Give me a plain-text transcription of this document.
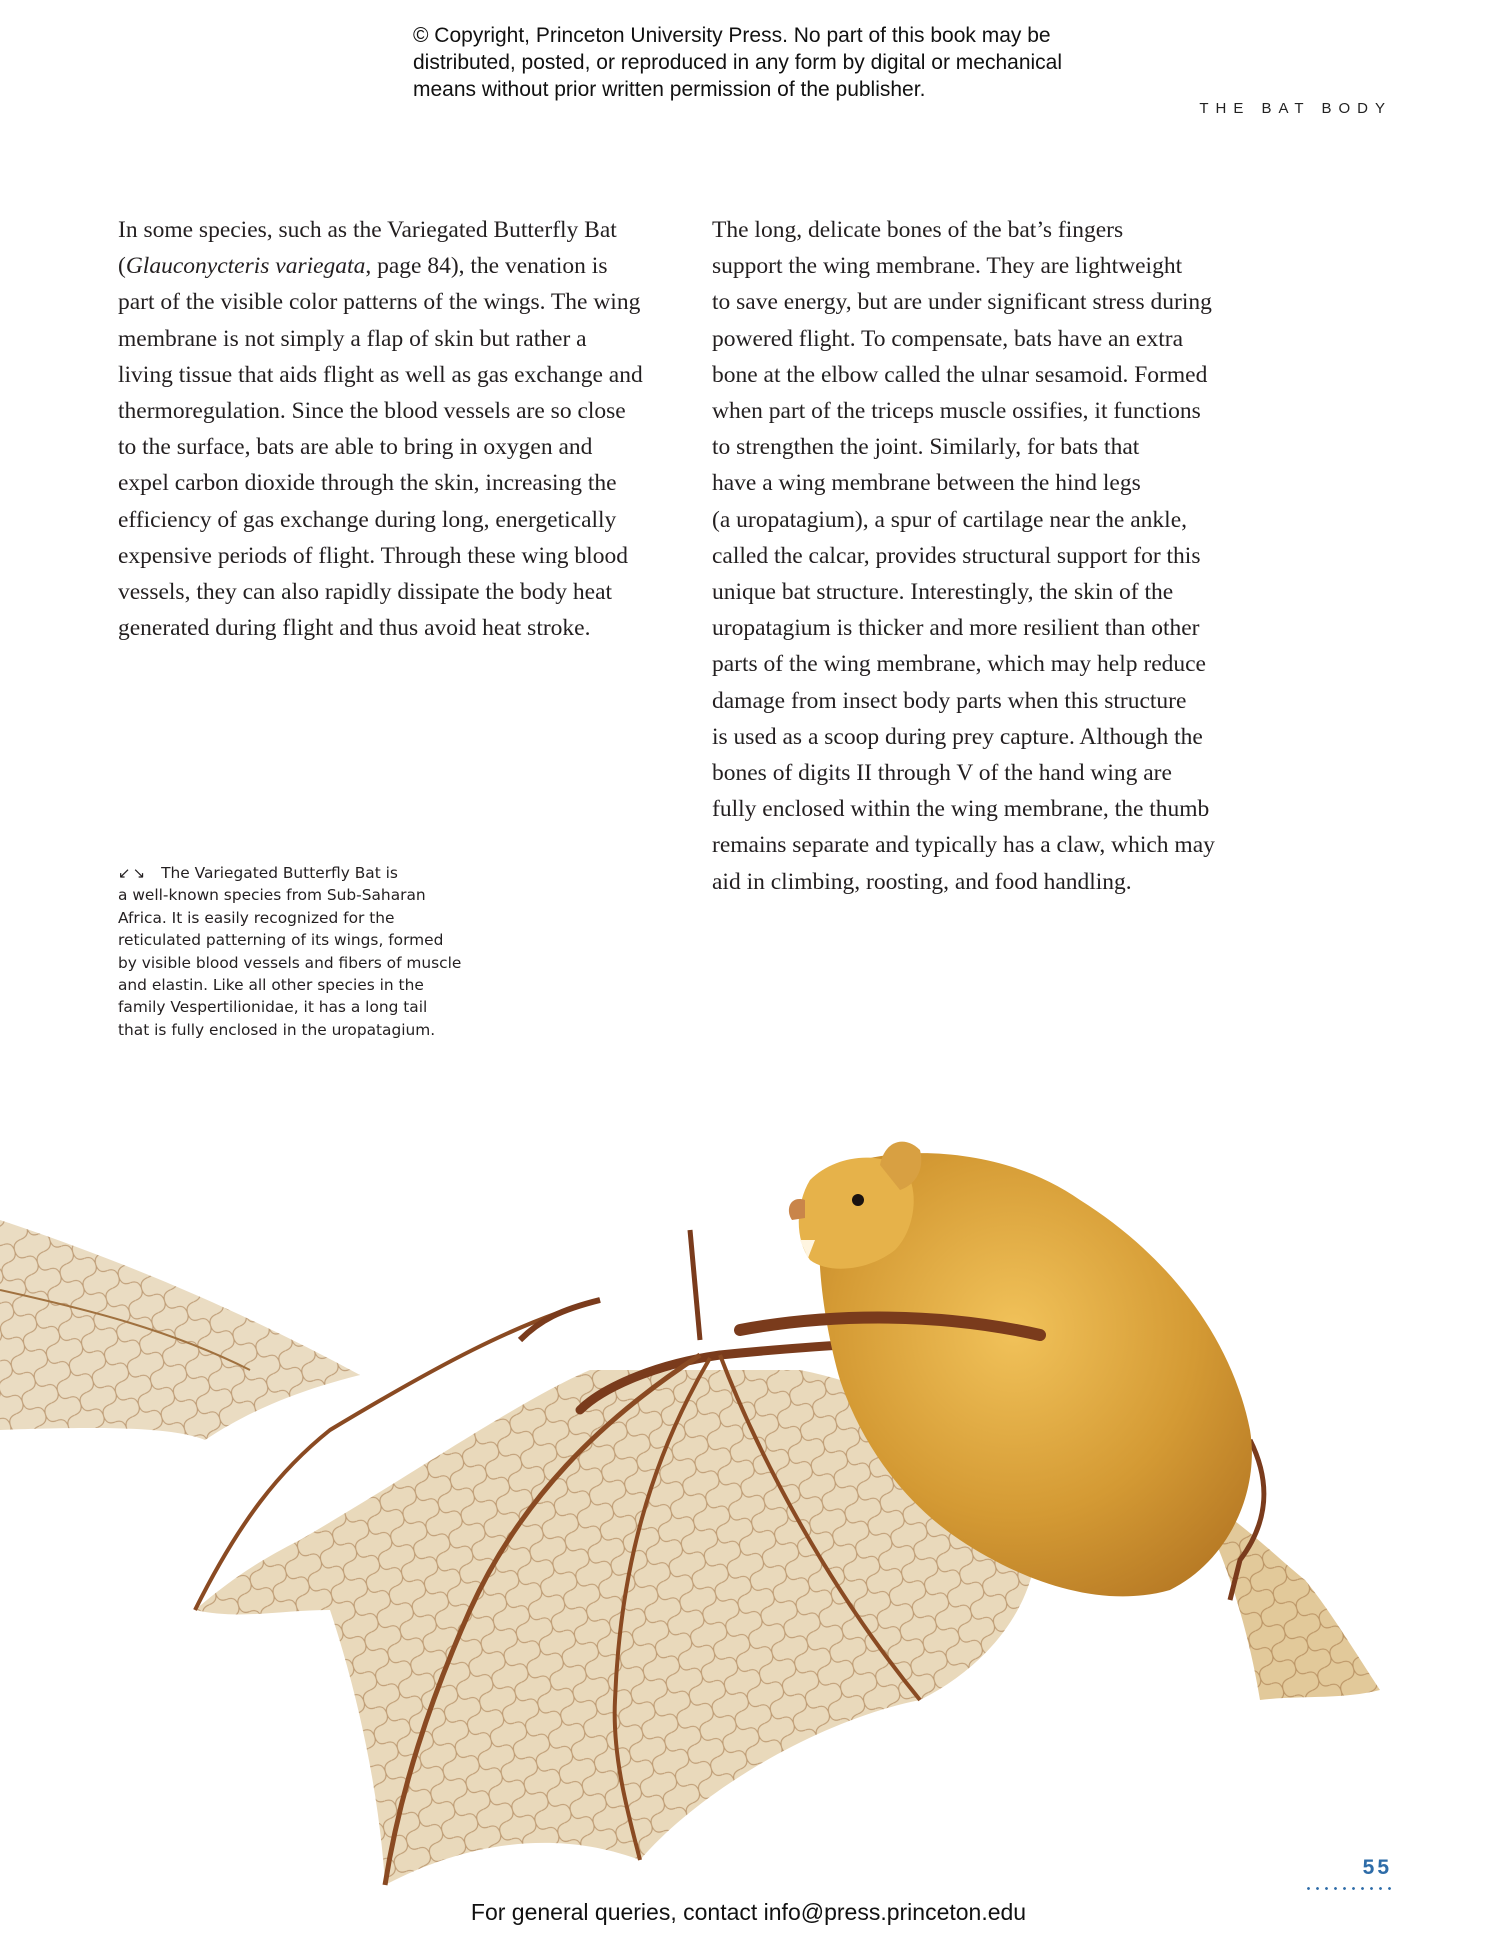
© Copyright, Princeton University Press. No part of this book may be
distributed, posted, or reproduced in any form by digital or mechanical
means without prior written permission of the publisher.
THE BAT BODY
In some species, such as the Variegated Butterfly Bat
(Glauconycteris variegata, page 84), the venation is
part of the visible color patterns of the wings. The wing
membrane is not simply a flap of skin but rather a
living tissue that aids flight as well as gas exchange and
thermoregulation. Since the blood vessels are so close
to the surface, bats are able to bring in oxygen and
expel carbon dioxide through the skin, increasing the
efficiency of gas exchange during long, energetically
expensive periods of flight. Through these wing blood
vessels, they can also rapidly dissipate the body heat
generated during flight and thus avoid heat stroke.
The long, delicate bones of the bat’s fingers
support the wing membrane. They are lightweight
to save energy, but are under significant stress during
powered flight. To compensate, bats have an extra
bone at the elbow called the ulnar sesamoid. Formed
when part of the triceps muscle ossifies, it functions
to strengthen the joint. Similarly, for bats that
have a wing membrane between the hind legs
(a uropatagium), a spur of cartilage near the ankle,
called the calcar, provides structural support for this
unique bat structure. Interestingly, the skin of the
uropatagium is thicker and more resilient than other
parts of the wing membrane, which may help reduce
damage from insect body parts when this structure
is used as a scoop during prey capture. Although the
bones of digits II through V of the hand wing are
fully enclosed within the wing membrane, the thumb
remains separate and typically has a claw, which may
aid in climbing, roosting, and food handling.
↙↘ The Variegated Butterfly Bat is
a well-known species from Sub-Saharan
Africa. It is easily recognized for the
reticulated patterning of its wings, formed
by visible blood vessels and fibers of muscle
and elastin. Like all other species in the
family Vespertilionidae, it has a long tail
that is fully enclosed in the uropatagium.
55
For general queries, contact info@press.princeton.edu
